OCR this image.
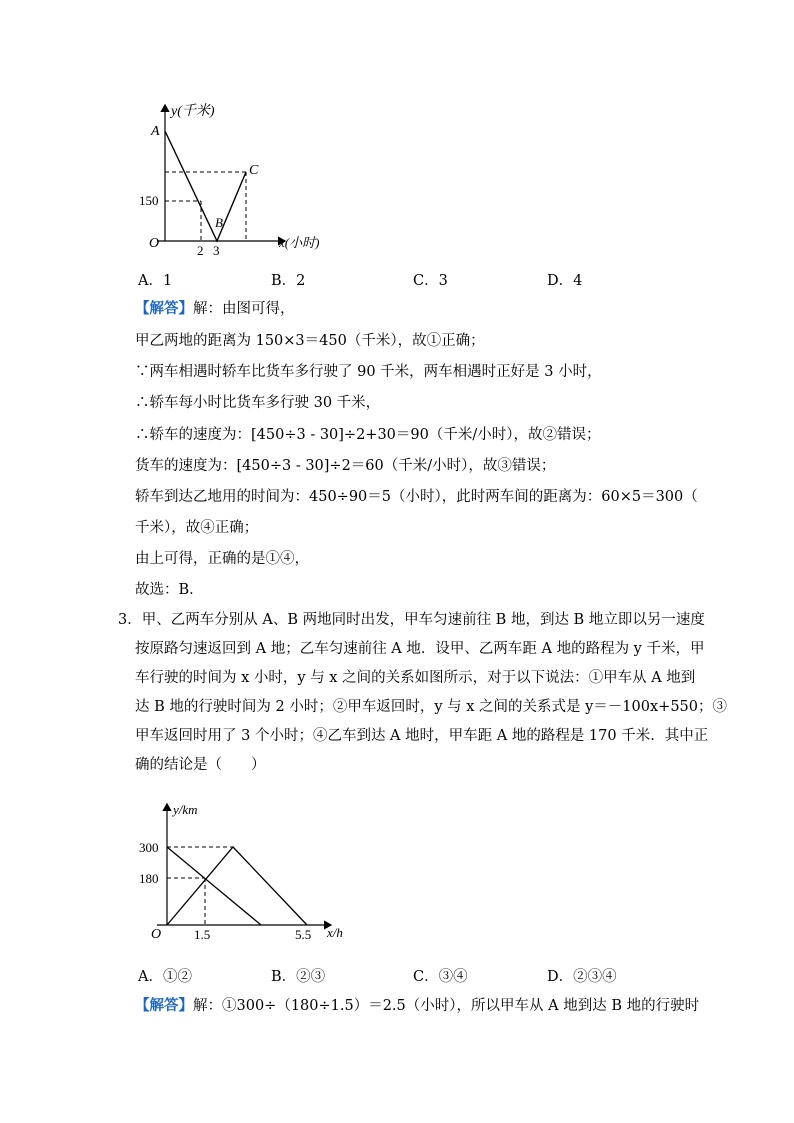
y(千米)
x(小时)
O
A
B
C
150
2 3
A．1	B．2	C．3	D．4
【解答】解：由图可得，
甲乙两地的距离为 150×3＝450（千米），故①正确；
∵两车相遇时轿车比货车多行驶了 90 千米，两车相遇时正好是 3 小时，
∴轿车每小时比货车多行驶 30 千米，
∴轿车的速度为：[450÷3 - 30]÷2+30＝90（千米/小时），故②错误；
货车的速度为：[450÷3 - 30]÷2＝60（千米/小时），故③错误；
轿车到达乙地用的时间为：450÷90＝5（小时），此时两车间的距离为：60×5＝300（
千米），故④正确；
由上可得，正确的是①④，
故选：B．

3．甲、乙两车分别从 A、B 两地同时出发，甲车匀速前往 B 地，到达 B 地立即以另一速度

按原路匀速返回到 A 地；乙车匀速前往 A 地．设甲、乙两车距 A 地的路程为 y 千米，甲

车行驶的时间为 x 小时，y 与 x 之间的关系如图所示，对于以下说法：①甲车从 A 地到

达 B 地的行驶时间为 2 小时；②甲车返回时，y 与 x 之间的关系式是 y＝－100x+550；③

甲车返回时用了 3 个小时；④乙车到达 A 地时，甲车距 A 地的路程是 170 千米．其中正

确的结论是（　　）

y/km
x/h
O
300
180
1.5	5.5
A．①②	B．②③	C．③④	D．②③④
【解答】解：①300÷（180÷1.5）＝2.5（小时），所以甲车从 A 地到达 B 地的行驶时
